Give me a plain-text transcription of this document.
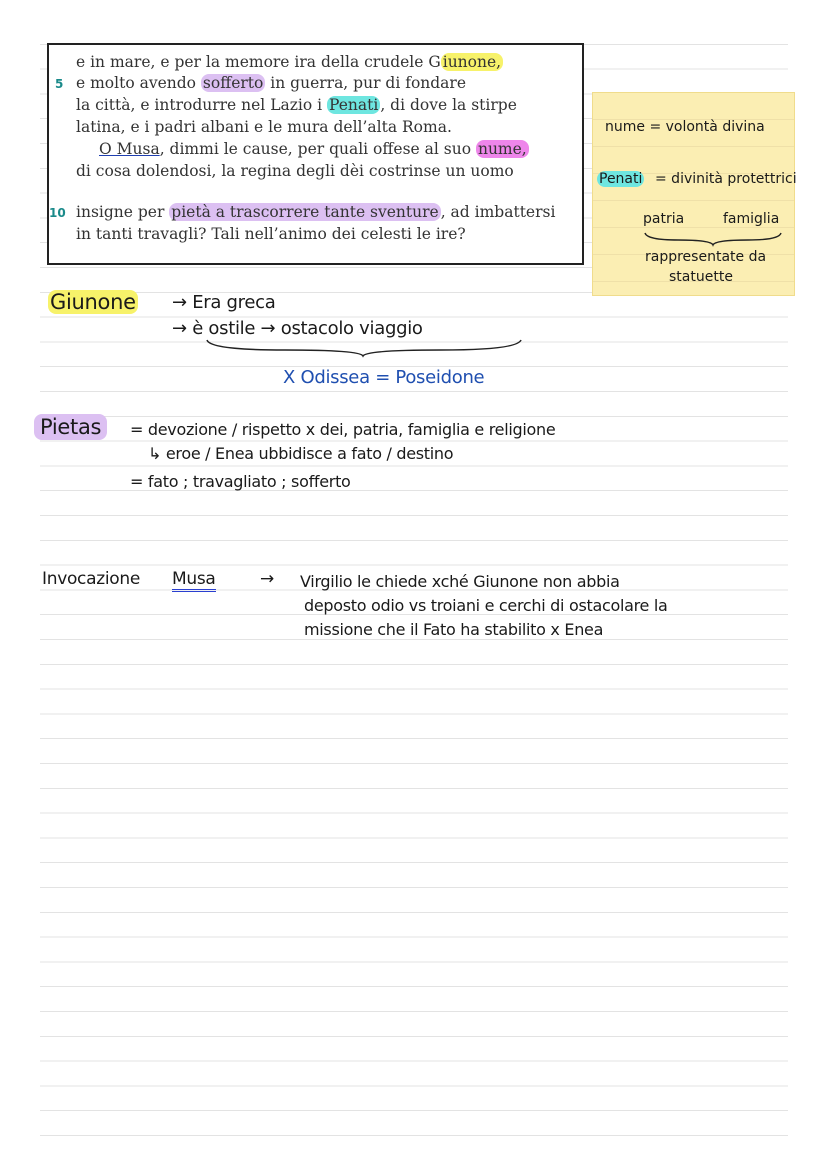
e in mare, e per la memore ira della crudele G iunone,
5 e molto avendo sofferto in guerra, pur di fondare
la città, e introdurre nel Lazio i Penati , di dove la stirpe
latina, e i padri albani e le mura dell’alta Roma.
O Musa, dimmi le cause, per quali offese al suo nume,
di cosa dolendosi, la regina degli dèi costrinse un uomo
10 insigne per pietà a trascorrere tante sventure , ad imbattersi
in tanti travagli? Tali nell’animo dei celesti le ire?
nume = volontà divina
Penati = divinità protettrici
patria	famiglia
rappresentate da
statuette
Giunone → Era greca
→ è ostile → ostacolo viaggio
X Odissea = Poseidone
Pietas	= devozione / rispetto x dei, patria, famiglia e religione
↳ eroe / Enea ubbidisce a fato / destino
= fato ; travagliato ; sofferto
Invocazione Musa	→ Virgilio le chiede xché Giunone non abbia
deposto odio vs troiani e cerchi di ostacolare la
missione che il Fato ha stabilito x Enea
